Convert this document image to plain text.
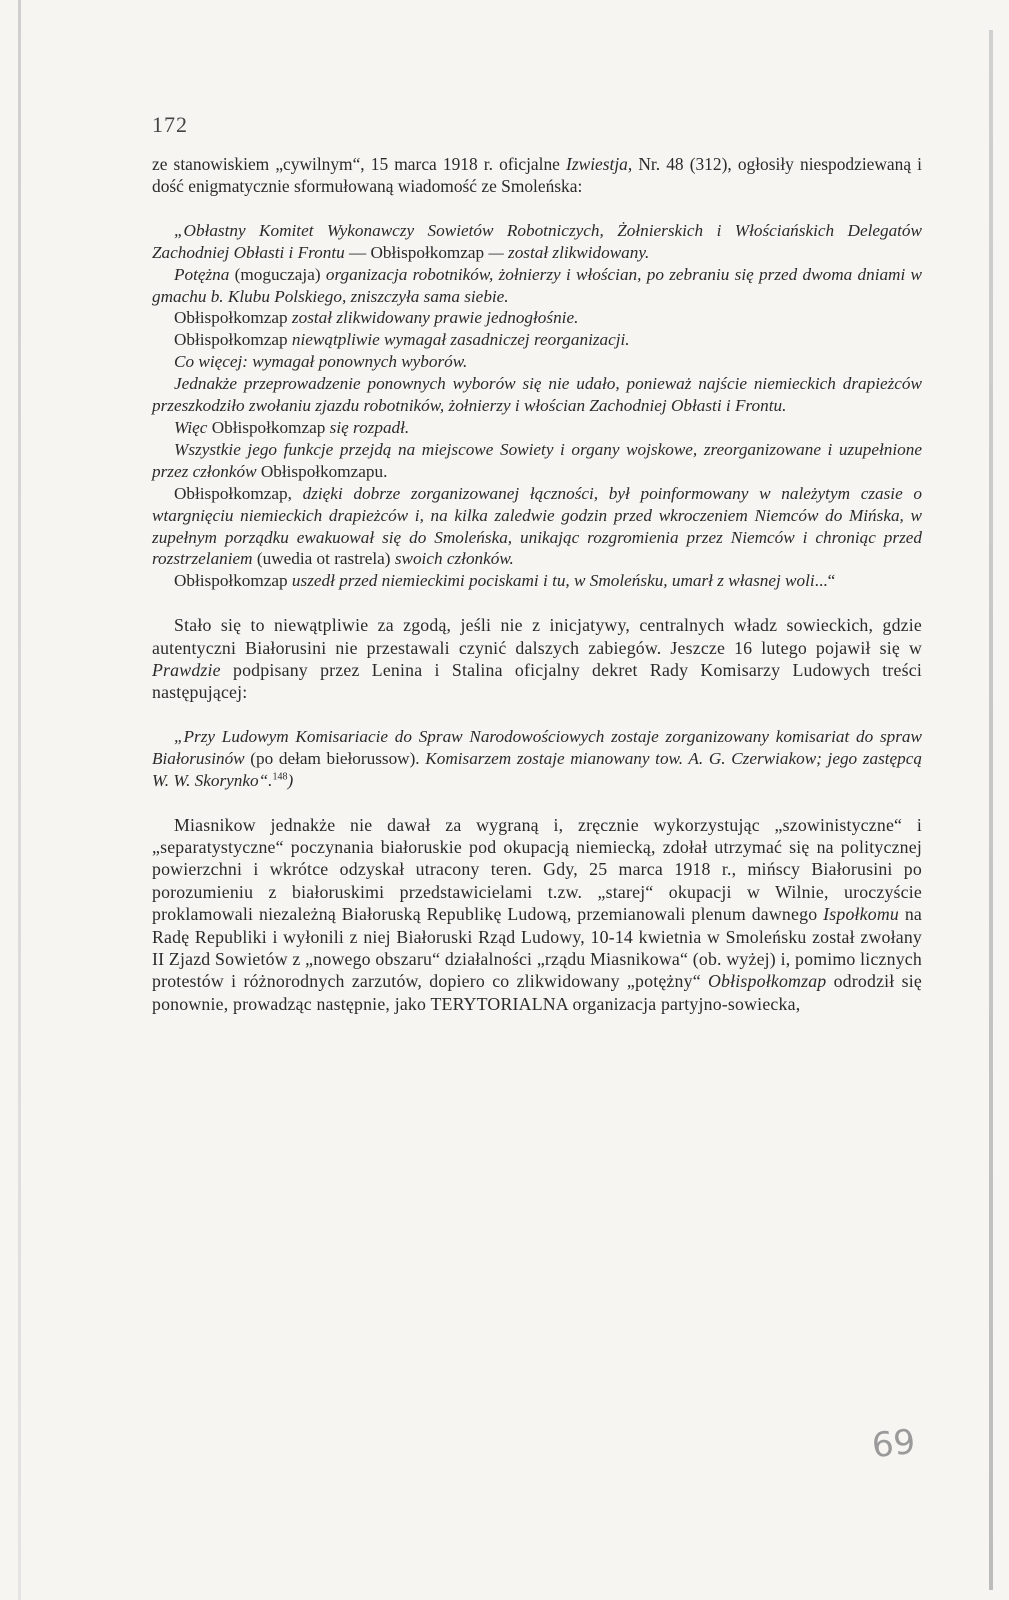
172

ze stanowiskiem „cywilnym“, 15 marca 1918 r. oficjalne Izwiestja, Nr. 48 (312), ogłosiły niespodziewaną i dość enigmatycznie sformułowaną wiadomość ze Smoleńska:

„Obłastny Komitet Wykonawczy Sowietów Robotniczych, Żołnierskich i Włościańskich Delegatów Zachodniej Obłasti i Frontu — Obłispołkomzap — został zlikwidowany.

Potężna (moguczaja) organizacja robotników, żołnierzy i włościan, po zebraniu się przed dwoma dniami w gmachu b. Klubu Polskiego, zniszczyła sama siebie.

Obłispołkomzap został zlikwidowany prawie jednogłośnie.

Obłispołkomzap niewątpliwie wymagał zasadniczej reorganizacji.

Co więcej: wymagał ponownych wyborów.

Jednakże przeprowadzenie ponownych wyborów się nie udało, ponieważ najście niemieckich drapieżców przeszkodziło zwołaniu zjazdu robotników, żołnierzy i włościan Zachodniej Obłasti i Frontu.

Więc Obłispołkomzap się rozpadł.

Wszystkie jego funkcje przejdą na miejscowe Sowiety i organy wojskowe, zreorganizowane i uzupełnione przez członków Obłispołkomzapu.

Obłispołkomzap, dzięki dobrze zorganizowanej łączności, był poinformowany w należytym czasie o wtargnięciu niemieckich drapieżców i, na kilka zaledwie godzin przed wkroczeniem Niemców do Mińska, w zupełnym porządku ewakuował się do Smoleńska, unikając rozgromienia przez Niemców i chroniąc przed rozstrzelaniem (uwedia ot rastrela) swoich członków.

Obłispołkomzap uszedł przed niemieckimi pociskami i tu, w Smoleńsku, umarł z własnej woli...“

Stało się to niewątpliwie za zgodą, jeśli nie z inicjatywy, centralnych władz sowieckich, gdzie autentyczni Białorusini nie przestawali czynić dalszych zabiegów. Jeszcze 16 lutego pojawił się w Prawdzie podpisany przez Lenina i Stalina oficjalny dekret Rady Komisarzy Ludowych treści następującej:

„Przy Ludowym Komisariacie do Spraw Narodowościowych zostaje zorganizowany komisariat do spraw Białorusinów (po dełam biełorussow). Komisarzem zostaje mianowany tow. A. G. Czerwiakow; jego zastępcą W. W. Skorynko“.$^{148}$)

Miasnikow jednakże nie dawał za wygraną i, zręcznie wykorzystując „szowinistyczne“ i „separatystyczne“ poczynania białoruskie pod okupacją niemiecką, zdołał utrzymać się na politycznej powierzchni i wkrótce odzyskał utracony teren. Gdy, 25 marca 1918 r., mińscy Białorusini po porozumieniu z białoruskimi przedstawicielami t.zw. „starej“ okupacji w Wilnie, uroczyście proklamowali niezależną Białoruską Republikę Ludową, przemianowali plenum dawnego Ispołkomu na Radę Republiki i wyłonili z niej Białoruski Rząd Ludowy, 10-14 kwietnia w Smoleńsku został zwołany II Zjazd Sowietów z „nowego obszaru“ działalności „rządu Miasnikowa“ (ob. wyżej) i, pomimo licznych protestów i różnorodnych zarzutów, dopiero co zlikwidowany „potężny“ Obłispołkomzap odrodził się ponownie, prowadząc następnie, jako TERYTORIALNA organizacja partyjno-sowiecka,

69
